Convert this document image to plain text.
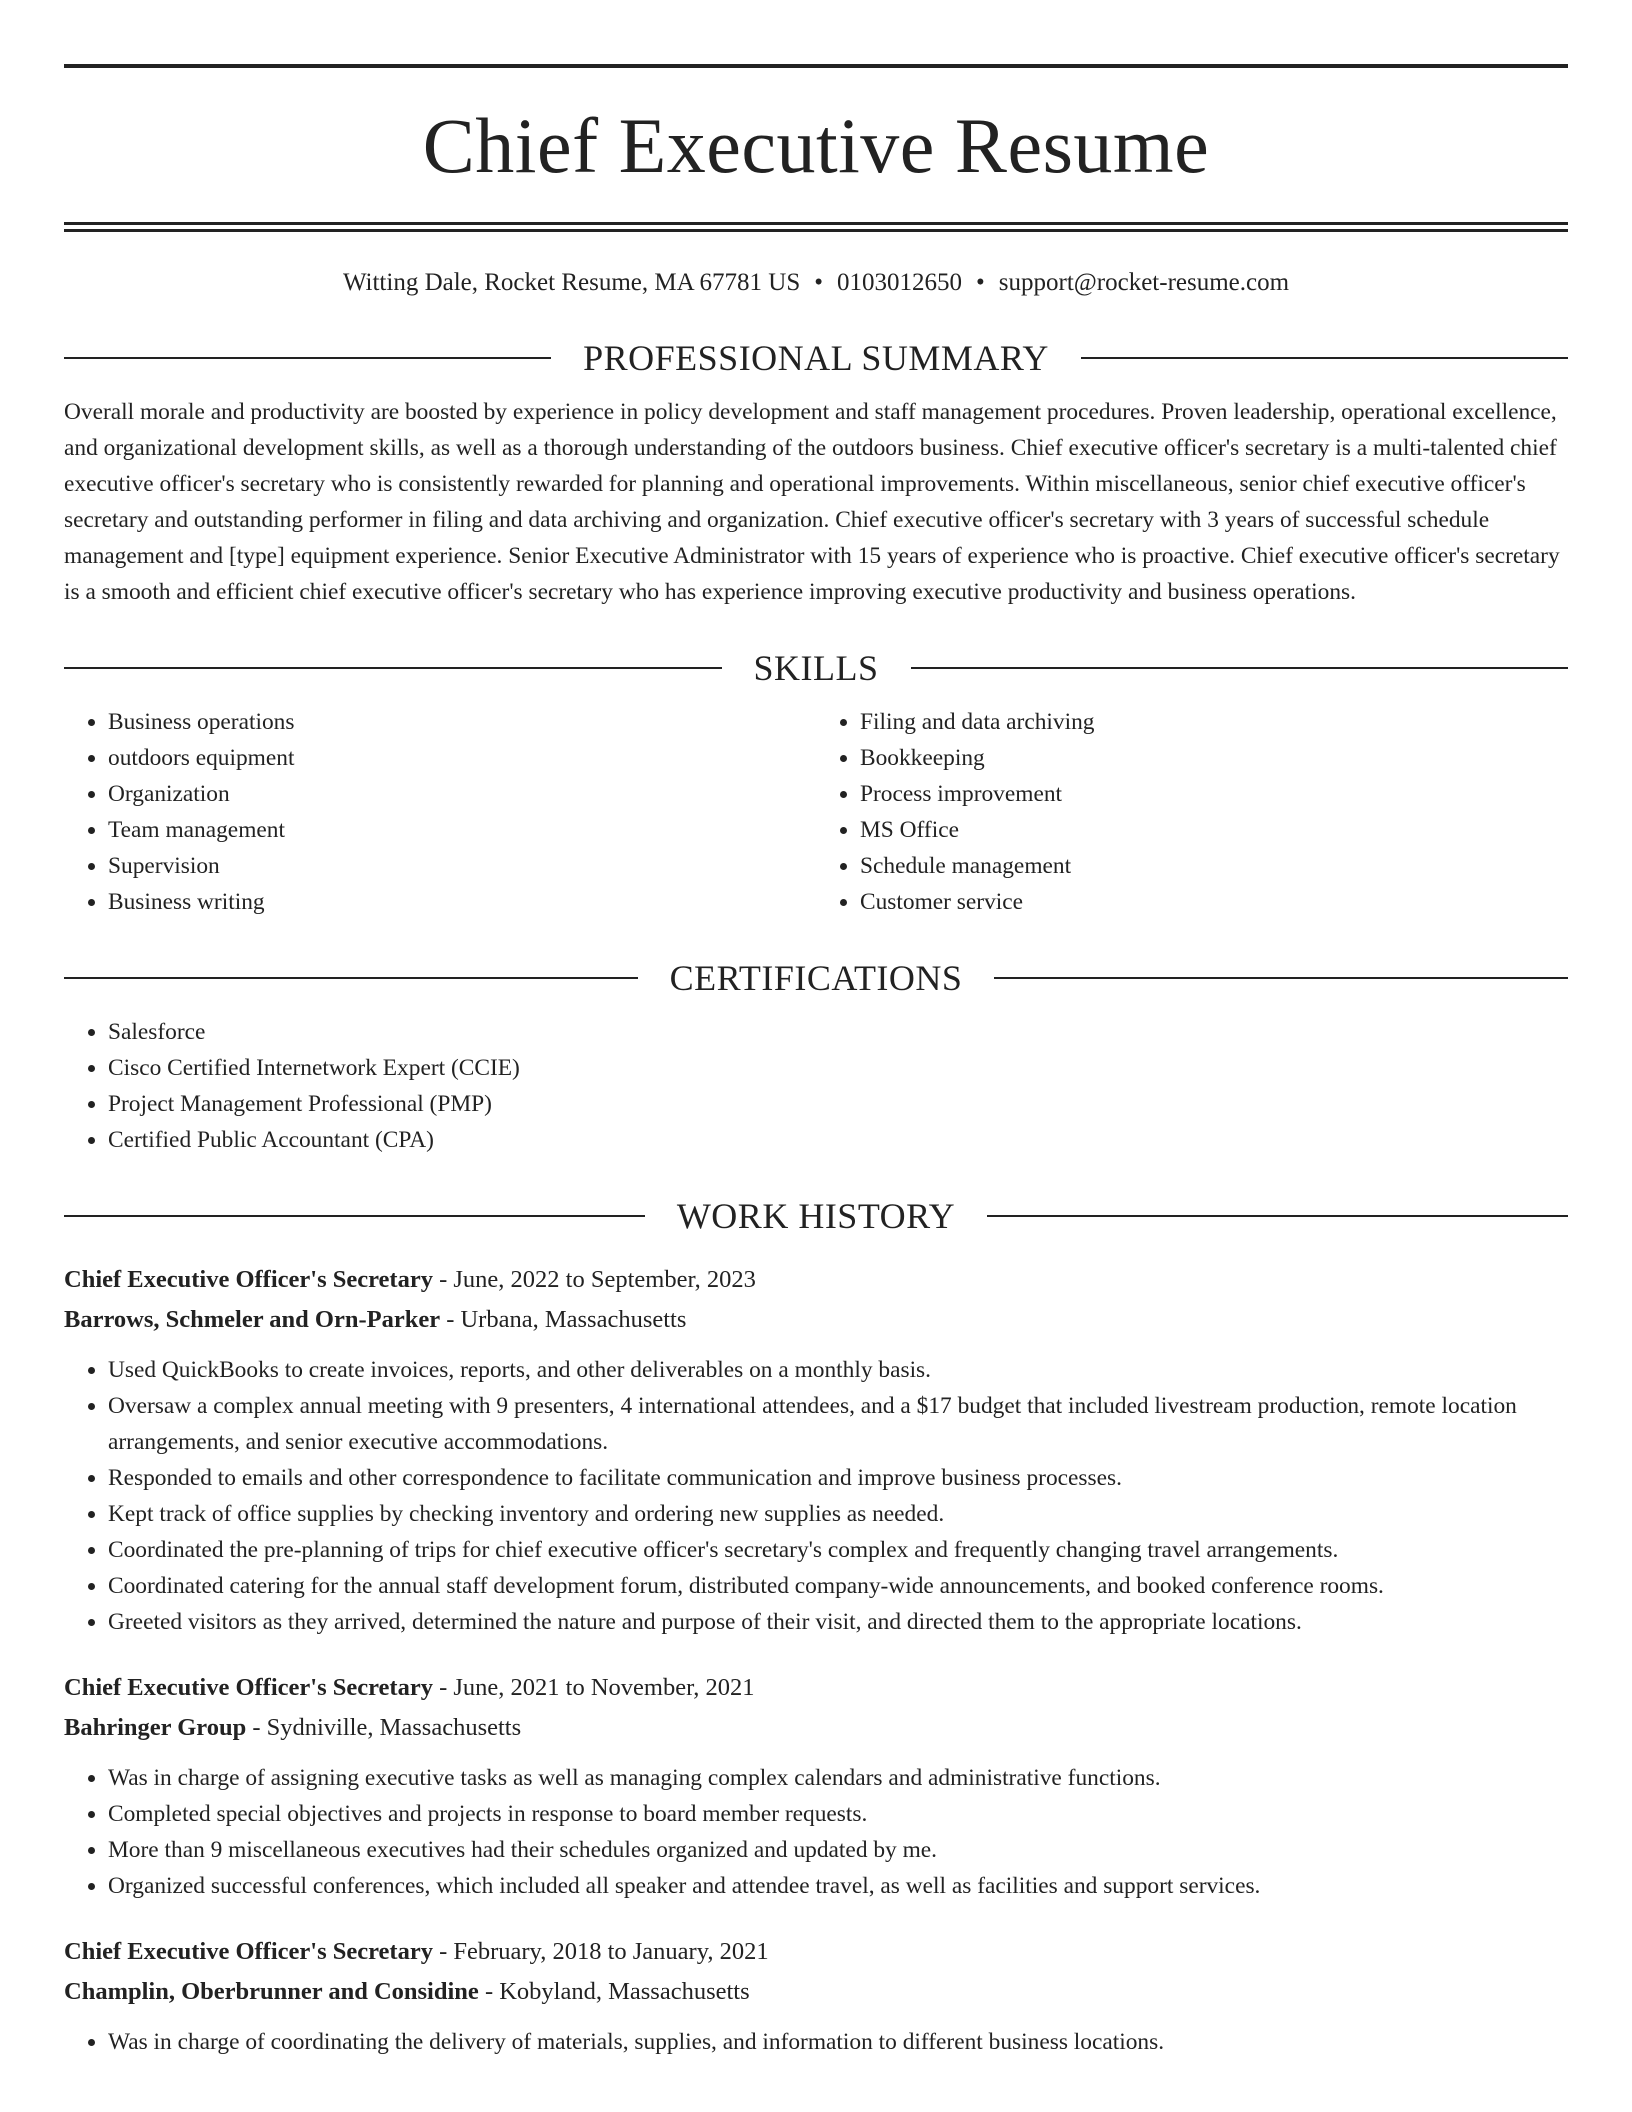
Chief Executive Resume
Witting Dale, Rocket Resume, MA 67781 US • 0103012650 • support@rocket-resume.com
PROFESSIONAL SUMMARY
Overall morale and productivity are boosted by experience in policy development and staff management procedures. Proven leadership, operational excellence, and organizational development skills, as well as a thorough understanding of the outdoors business. Chief executive officer's secretary is a multi-talented chief executive officer's secretary who is consistently rewarded for planning and operational improvements. Within miscellaneous, senior chief executive officer's secretary and outstanding performer in filing and data archiving and organization. Chief executive officer's secretary with 3 years of successful schedule management and [type] equipment experience. Senior Executive Administrator with 15 years of experience who is proactive. Chief executive officer's secretary is a smooth and efficient chief executive officer's secretary who has experience improving executive productivity and business operations.
SKILLS
• Business operations
• outdoors equipment
• Organization
• Team management
• Supervision
• Business writing
• Filing and data archiving
• Bookkeeping
• Process improvement
• MS Office
• Schedule management
• Customer service
CERTIFICATIONS
• Salesforce
• Cisco Certified Internetwork Expert (CCIE)
• Project Management Professional (PMP)
• Certified Public Accountant (CPA)
WORK HISTORY
Chief Executive Officer's Secretary - June, 2022 to September, 2023
Barrows, Schmeler and Orn-Parker - Urbana, Massachusetts
• Used QuickBooks to create invoices, reports, and other deliverables on a monthly basis.
• Oversaw a complex annual meeting with 9 presenters, 4 international attendees, and a $17 budget that included livestream production, remote location arrangements, and senior executive accommodations.
• Responded to emails and other correspondence to facilitate communication and improve business processes.
• Kept track of office supplies by checking inventory and ordering new supplies as needed.
• Coordinated the pre-planning of trips for chief executive officer's secretary's complex and frequently changing travel arrangements.
• Coordinated catering for the annual staff development forum, distributed company-wide announcements, and booked conference rooms.
• Greeted visitors as they arrived, determined the nature and purpose of their visit, and directed them to the appropriate locations.
Chief Executive Officer's Secretary - June, 2021 to November, 2021
Bahringer Group - Sydniville, Massachusetts
• Was in charge of assigning executive tasks as well as managing complex calendars and administrative functions.
• Completed special objectives and projects in response to board member requests.
• More than 9 miscellaneous executives had their schedules organized and updated by me.
• Organized successful conferences, which included all speaker and attendee travel, as well as facilities and support services.
Chief Executive Officer's Secretary - February, 2018 to January, 2021
Champlin, Oberbrunner and Considine - Kobyland, Massachusetts
• Was in charge of coordinating the delivery of materials, supplies, and information to different business locations.
